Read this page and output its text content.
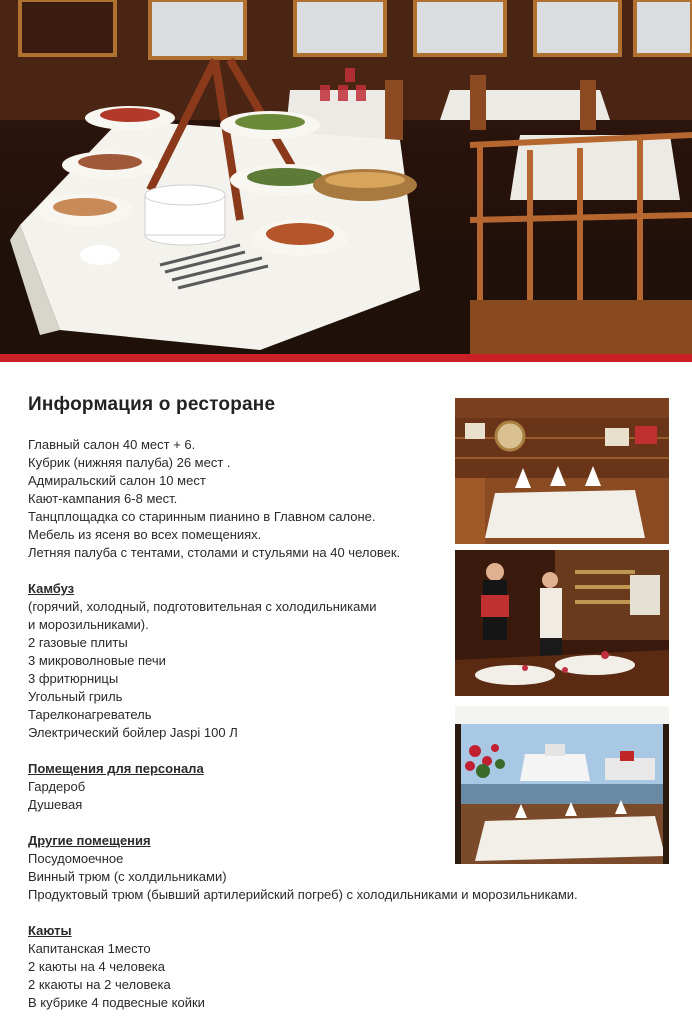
Информация о ресторане

Главный салон 40 мест + 6.

Кубрик (нижняя палуба) 26 мест .

Адмиральский салон 10 мест

Кают-кампания 6-8 мест.

Танцплощадка со старинным пианино в Главном салоне.

Мебель из ясеня во всех помещениях.

Летняя палуба с тентами, столами и стульями на 40 человек.

Камбуз

(горячий, холодный, подготовительная с холодильниками

и морозильниками).

2 газовые плиты

3 микроволновые печи

3 фритюрницы

Угольный гриль

Тарелконагреватель

Электрический бойлер Jaspi 100 Л

Помещения для персонала

Гардероб

Душевая

Другие помещения

Посудомоечное

Винный трюм (с холдильниками)

Продуктовый трюм (бывший артилерийский погреб) с холодильниками и морозильниками.

Каюты

Капитанская 1место

2 каюты на 4 человека

2 ккаюты на 2 человека

В кубрике 4 подвесные койки
